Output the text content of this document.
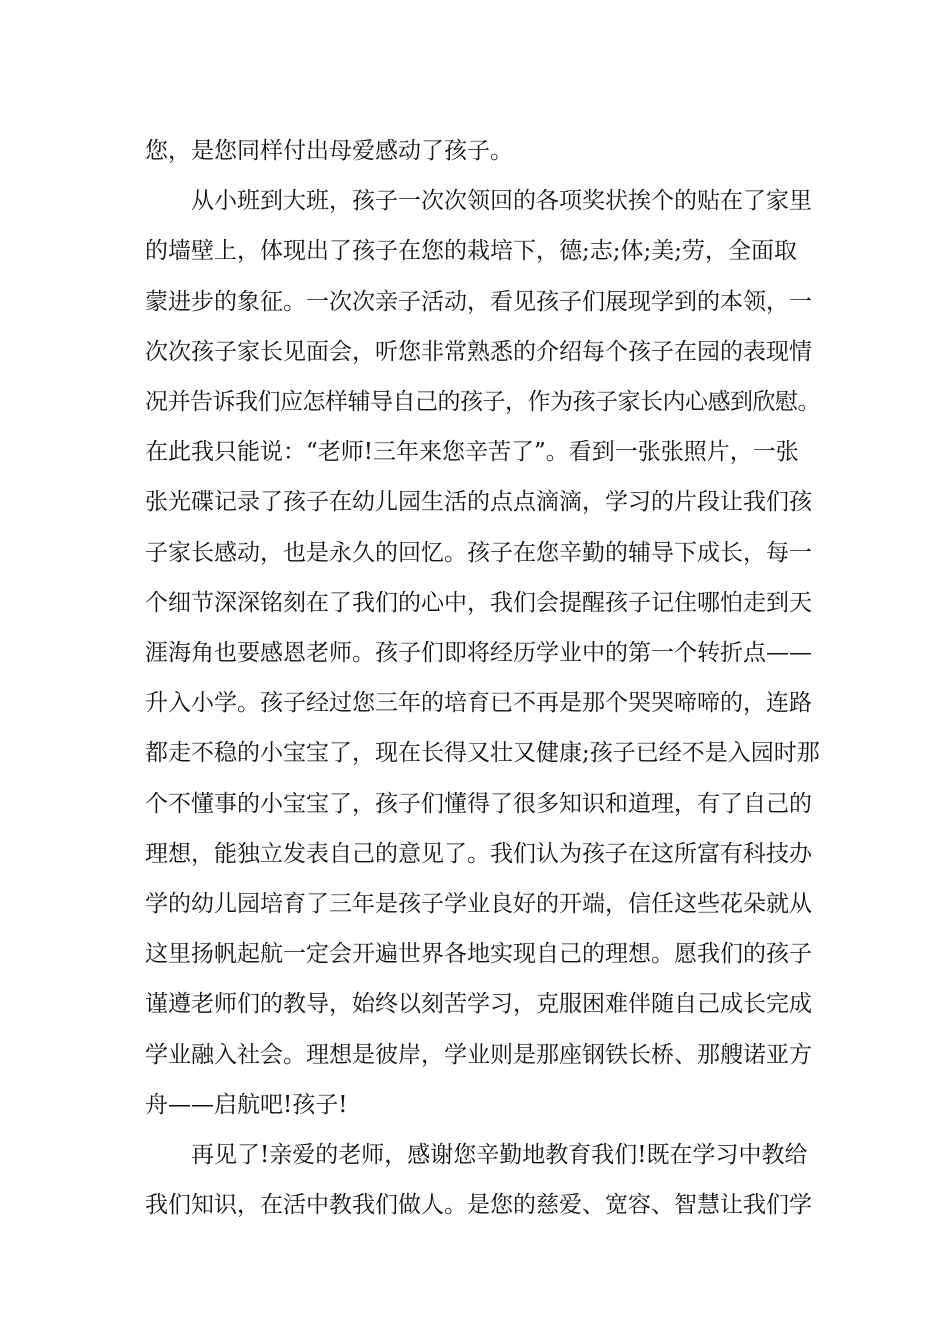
您，是您同样付出母爱感动了孩子。
从小班到大班，孩子一次次领回的各项奖状挨个的贴在了家里
的墙壁上，体现出了孩子在您的栽培下，德;志;体;美;劳，全面取
蒙进步的象征。一次次亲子活动，看见孩子们展现学到的本领，一
次次孩子家长见面会，听您非常熟悉的介绍每个孩子在园的表现情
况并告诉我们应怎样辅导自己的孩子，作为孩子家长内心感到欣慰。
在此我只能说：“老师!三年来您辛苦了”。看到一张张照片，一张
张光碟记录了孩子在幼儿园生活的点点滴滴，学习的片段让我们孩
子家长感动，也是永久的回忆。孩子在您辛勤的辅导下成长，每一
个细节深深铭刻在了我们的心中，我们会提醒孩子记住哪怕走到天
涯海角也要感恩老师。孩子们即将经历学业中的第一个转折点——
升入小学。孩子经过您三年的培育已不再是那个哭哭啼啼的，连路
都走不稳的小宝宝了，现在长得又壮又健康;孩子已经不是入园时那
个不懂事的小宝宝了，孩子们懂得了很多知识和道理，有了自己的
理想，能独立发表自己的意见了。我们认为孩子在这所富有科技办
学的幼儿园培育了三年是孩子学业良好的开端，信任这些花朵就从
这里扬帆起航一定会开遍世界各地实现自己的理想。愿我们的孩子
谨遵老师们的教导，始终以刻苦学习，克服困难伴随自己成长完成
学业融入社会。理想是彼岸，学业则是那座钢铁长桥、那艘诺亚方
舟——启航吧!孩子!
再见了!亲爱的老师，感谢您辛勤地教育我们!既在学习中教给
我们知识，在活中教我们做人。是您的慈爱、宽容、智慧让我们学
